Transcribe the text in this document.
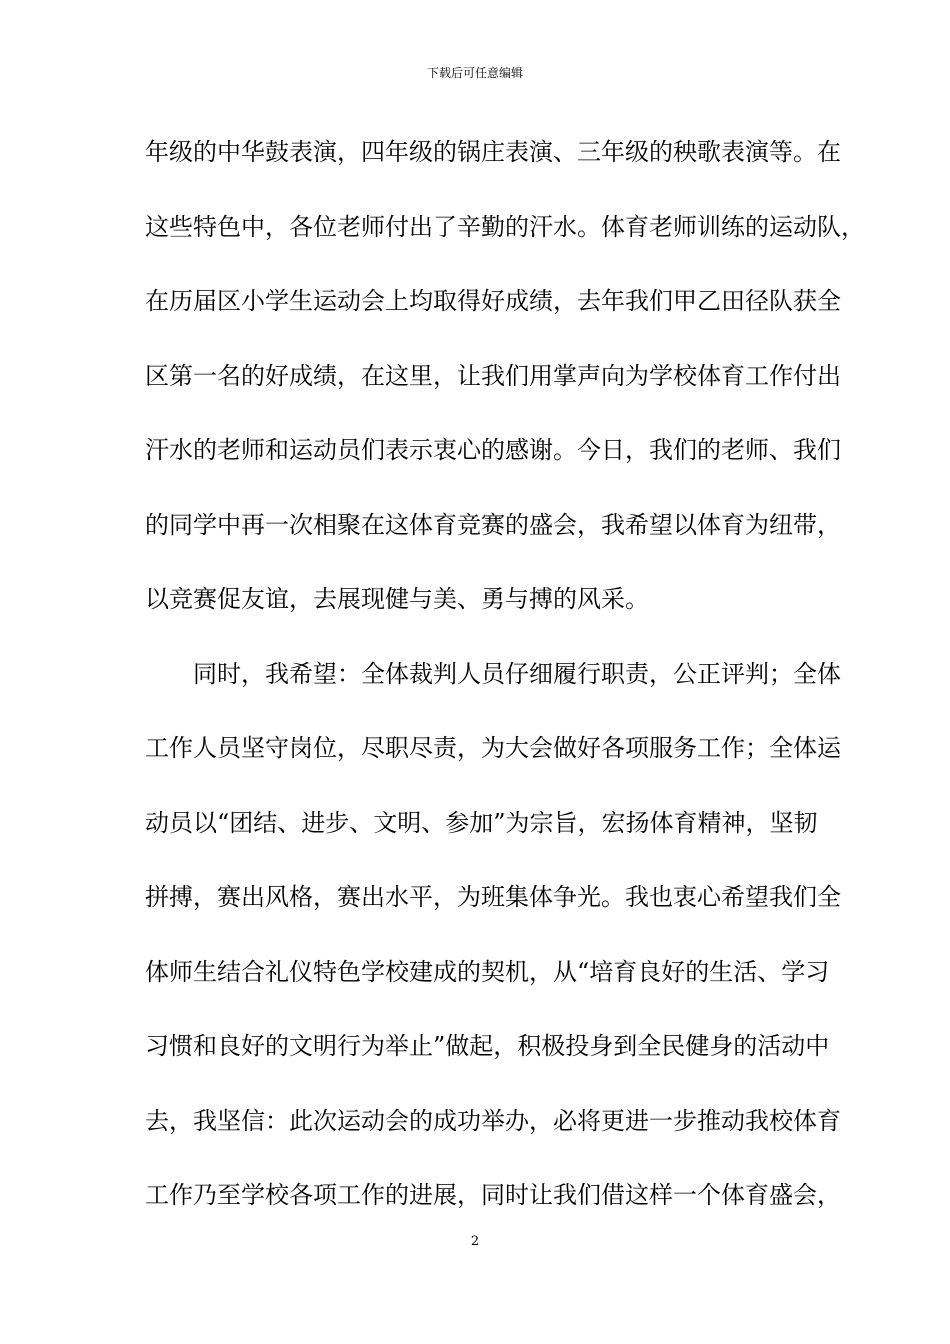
下载后可任意编辑
年级的中华鼓表演，四年级的锅庄表演、三年级的秧歌表演等。在
这些特色中，各位老师付出了辛勤的汗水。体育老师训练的运动队，
在历届区小学生运动会上均取得好成绩，去年我们甲乙田径队获全
区第一名的好成绩，在这里，让我们用掌声向为学校体育工作付出
汗水的老师和运动员们表示衷心的感谢。今日，我们的老师、我们
的同学中再一次相聚在这体育竞赛的盛会，我希望以体育为纽带，
以竞赛促友谊，去展现健与美、勇与搏的风采。
同时，我希望：全体裁判人员仔细履行职责，公正评判；全体
工作人员坚守岗位，尽职尽责，为大会做好各项服务工作；全体运
动员以“团结、进步、文明、参加”为宗旨，宏扬体育精神，坚韧
拼搏，赛出风格，赛出水平，为班集体争光。我也衷心希望我们全
体师生结合礼仪特色学校建成的契机，从“培育良好的生活、学习
习惯和良好的文明行为举止”做起，积极投身到全民健身的活动中
去，我坚信：此次运动会的成功举办，必将更进一步推动我校体育
工作乃至学校各项工作的进展，同时让我们借这样一个体育盛会，
2
